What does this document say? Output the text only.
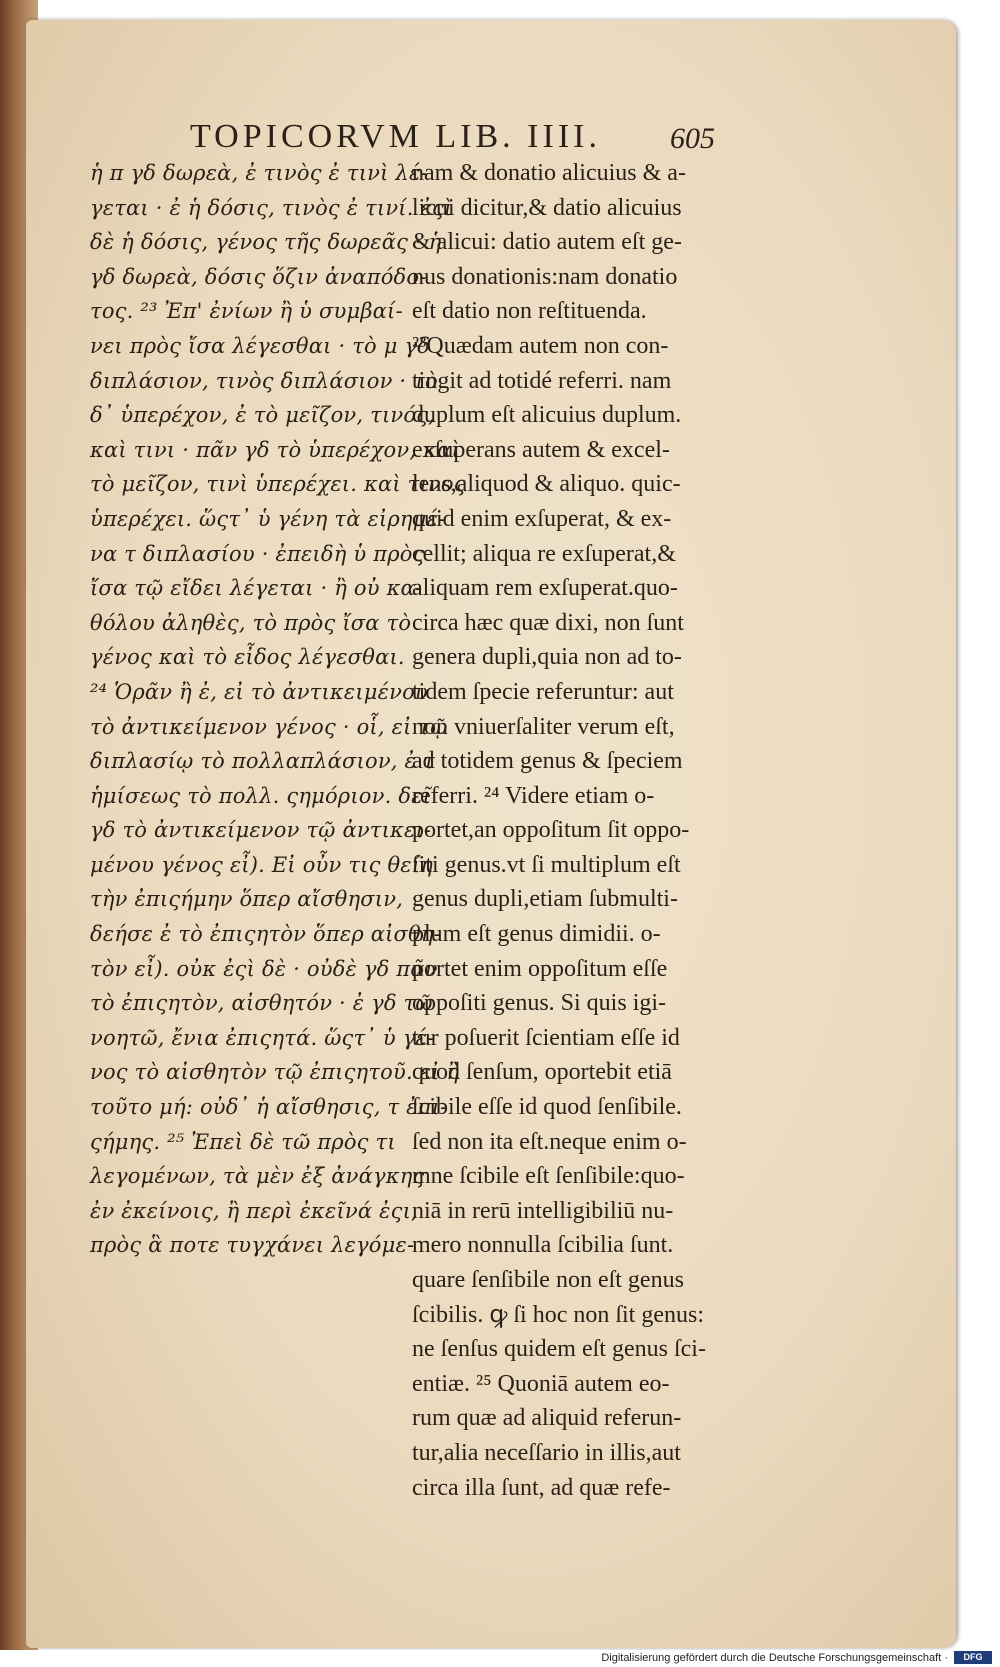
TOPICORVM LIB. IIII.	605
ἡ π γδ δωρεὰ, ἐ τινὸς ἐ τινὶ λέ-
γεται · ἐ ἡ δόσις, τινὸς ἐ τινί. ἐςὶ
δὲ ἡ δόσις, γένος τῆς δωρεᾶς · ἡ
γδ δωρεὰ, δόσις ὅζιν ἀναπόδο-
τος. ²³ Ἐπ' ἐνίων ἢ ὑ συμβαί-
νει πρὸς ἴσα λέγεσθαι · τὸ μ γδ
διπλάσιον, τινὸς διπλάσιον · τὸ
δ᾽ ὑπερέχον, ἐ τὸ μεῖζον, τινός,
καὶ τινι · πᾶν γδ τὸ ὑπερέχον, καὶ
τὸ μεῖζον, τινὶ ὑπερέχει. καὶ τινος
ὑπερέχει. ὥςτ᾽ ὑ γένη τὰ εἰρημέ-
να τ διπλασίου · ἐπειδὴ ὑ πρὸς
ἴσα τῷ εἴδει λέγεται · ἢ οὐ κα-
θόλου ἀληθὲς, τὸ πρὸς ἴσα τὸ
γένος καὶ τὸ εἶδος λέγεσθαι.
²⁴ Ὁρᾶν ἢ ἐ, εἰ τὸ ἀντικειμένου
τὸ ἀντικείμενον γένος · οἷ, εἰ τῷ
διπλασίῳ τὸ πολλαπλάσιον, ἐ τ
ἡμίσεως τὸ πολλ. ςημόριον. δεῖ
γδ τὸ ἀντικείμενον τῷ ἀντικει-
μένου γένος εἶ). Εἰ οὖν τις θείη
τὴν ἐπιςήμην ὅπερ αἴσθησιν,
δεήσε ἐ τὸ ἐπιςητὸν ὅπερ αἰσθη-
τὸν εἶ). οὐκ ἐςὶ δὲ · οὐδὲ γδ πᾶν
τὸ ἐπιςητὸν, αἰσθητόν · ἐ γδ τῶ
νοητῶ, ἔνια ἐπιςητά. ὥςτ᾽ ὑ γέ-
νος τὸ αἰσθητὸν τῷ ἐπιςητοῦ. εἰ ἢ
τοῦτο μή: οὐδ᾽ ἡ αἴσθησις, τ ἐπι-
ςήμης. ²⁵ Ἐπεὶ δὲ τῶ πρὸς τι
λεγομένων, τὰ μὲν ἐξ ἀνάγκης
ἐν ἐκείνοις, ἢ περὶ ἐκεῖνά ἐςι,
πρὸς ἃ ποτε τυγχάνει λεγόμε-
nam & donatio alicuius & a-
licui dicitur,& datio alicuius
& alicui: datio autem eſt ge-
nus donationis:nam donatio
eſt datio non reſtituenda.
²³Quædam autem non con-
tingit ad totidé referri. nam
duplum eſt alicuius duplum.
exſuperans autem & excel-
lens,aliquod & aliquo. quic-
quid enim exſuperat, & ex-
cellit; aliqua re exſuperat,&
aliquam rem exſuperat.quo-
circa hæc quæ dixi, non ſunt
genera dupli,quia non ad to-
tidem ſpecie referuntur: aut
non vniuerſaliter verum eſt,
ad totidem genus & ſpeciem
referri. ²⁴ Videre etiam o-
portet,an oppoſitum ſit oppo-
ſiti genus.vt ſi multiplum eſt
genus dupli,etiam ſubmulti-
plum eſt genus dimidii. o-
portet enim oppoſitum eſſe
oppoſiti genus. Si quis igi-
tur poſuerit ſcientiam eſſe id
quod ſenſum, oportebit etiā
ſcibile eſſe id quod ſenſibile.
ſed non ita eſt.neque enim o-
mne ſcibile eſt ſenſibile:quo-
niā in rerū intelligibiliū nu-
mero nonnulla ſcibilia ſunt.
quare ſenſibile non eſt genus
ſcibilis. ꝙ ſi hoc non ſit genus:
ne ſenſus quidem eſt genus ſci-
entiæ. ²⁵ Quoniā autem eo-
rum quæ ad aliquid referun-
tur,alia neceſſario in illis,aut
circa illa ſunt, ad quæ refe-
Digitalisierung gefördert durch die Deutsche Forschungsgemeinschaft ·	DFG
